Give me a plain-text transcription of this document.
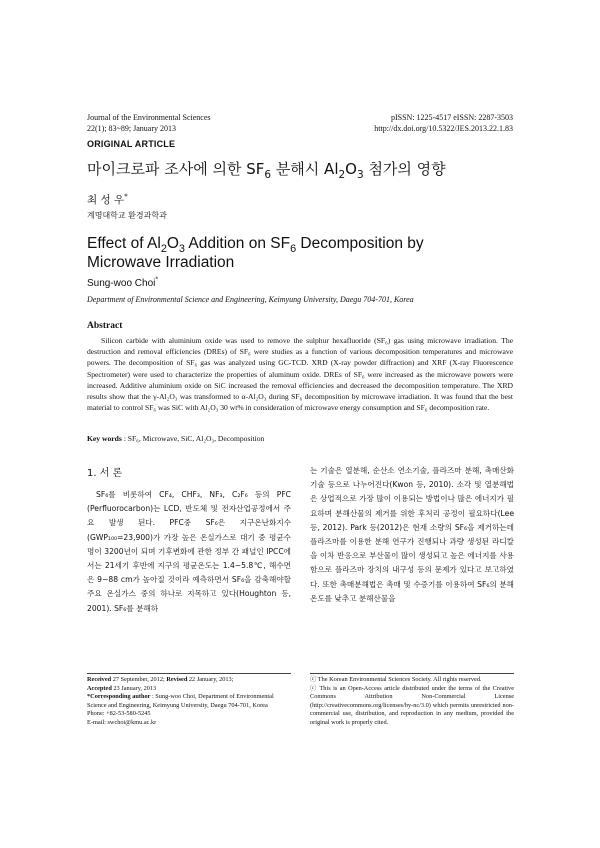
Journal of the Environmental Sciences
22(1); 83~89; January 2013
pISSN: 1225-4517 eISSN: 2287-3503
http://dx.doi.org/10.5322/JES.2013.22.1.83
ORIGINAL ARTICLE
마이크로파 조사에 의한 $SF_6$ 분해시 $Al_2O_3$ 첨가의 영향
최 성 우*
계명대학교 환경과학과
Effect of $Al_2O_3$ Addition on $SF_6$ Decomposition by
Microwave Irradiation
Sung-woo Choi*
Department of Environmental Science and Engineering, Keimyung University, Daegu 704-701, Korea
Abstract
Silicon carbide with aluminium oxide was used to remove the sulphur hexafluoride (SF₆) gas using microwave irradiation. The destruction and removal efficiencies (DREs) of SF₆ were studies as a function of various decomposition temperatures and microwave powers. The decomposition of SF₆ gas was analyzed using GC-TCD. XRD (X-ray powder diffraction) and XRF (X-ray Fluorescence Spectrometer) were used to characterize the properties of aluminum oxide. DREs of SF₆ were increased as the microwave powers were increased. Additive aluminium oxide on SiC increased the removal efficiencies and decreased the decomposition temperature. The XRD results show that the γ-Al₂O₃ was transformed to α-Al₂O₃ during SF₆ decomposition by microwave irradiation. It was found that the best material to control SF₆ was SiC with Al₂O₃ 30 wt% in consideration of microwave energy consumption and SF₆ decomposition rate.
Key words : SF₆, Microwave, SiC, Al₂O₃, Decomposition
1. 서 론
SF₆를 비롯하여 CF₄, CHF₃, NF₃, C₂F₆ 등의 PFC (Perfluorocarbon)는 LCD, 반도체 및 전자산업공정에서 주요 발생 된다. PFC중 SF₆은 지구온난화지수(GWP₁₀₀=23,900)가 가장 높은 온실가스로 대기 중 평균수명이 3200년이 되며 기후변화에 관한 정부 간 패널인 IPCC에서는 21세기 후반에 지구의 평균온도는 1.4~5.8℃, 해수면은 9~88 cm가 높아질 것이라 예측하면서 SF₆을 감축해야할 주요 온실가스 중의 하나로 지목하고 있다(Houghton 등, 2001). SF₆를 분해하
는 기술은 열분해, 순산소 연소기술, 플라즈마 분해, 촉매산화기술 등으로 나누어진다(Kwon 등, 2010). 소각 및 열분해법은 상업적으로 가장 많이 이용되는 방법이나 많은 에너지가 필요하며 분해산물의 제거를 위한 후처리 공정이 필요하다(Lee 등, 2012). Park 등(2012)은 현재 소량의 SF₆을 제거하는데 플라즈마를 이용한 분해 연구가 진행되나 과량 생성된 라디칼을 이차 반응으로 부산물이 많이 생성되고 높은 에너지를 사용함으로 플라즈마 장치의 내구성 등의 문제가 있다고 보고하였다. 또한 촉매분해법은 촉매 및 수증기를 이용하여 SF₆의 분해온도를 낮추고 분해산물을

Received 27 September, 2012; Revised 22 January, 2013;

Accepted 23 January, 2013

*Corresponding author : Sung-woo Choi, Department of Environmental Science and Engineering, Keimyung University, Daegu 704-701, Korea

Phone: +82-53-580-5245

E-mail: swchoi@kmu.ac.kr

ⓒ The Korean Environmental Sciences Society. All rights reserved.

ⓒ This is an Open-Access article distributed under the terms of the Creative Commons Attribution Non-Commercial License (http://creativecommons.org/licenses/by-nc/3.0) which permits unrestricted non-commercial use, distribution, and reproduction in any medium, provided the original work is properly cited.
